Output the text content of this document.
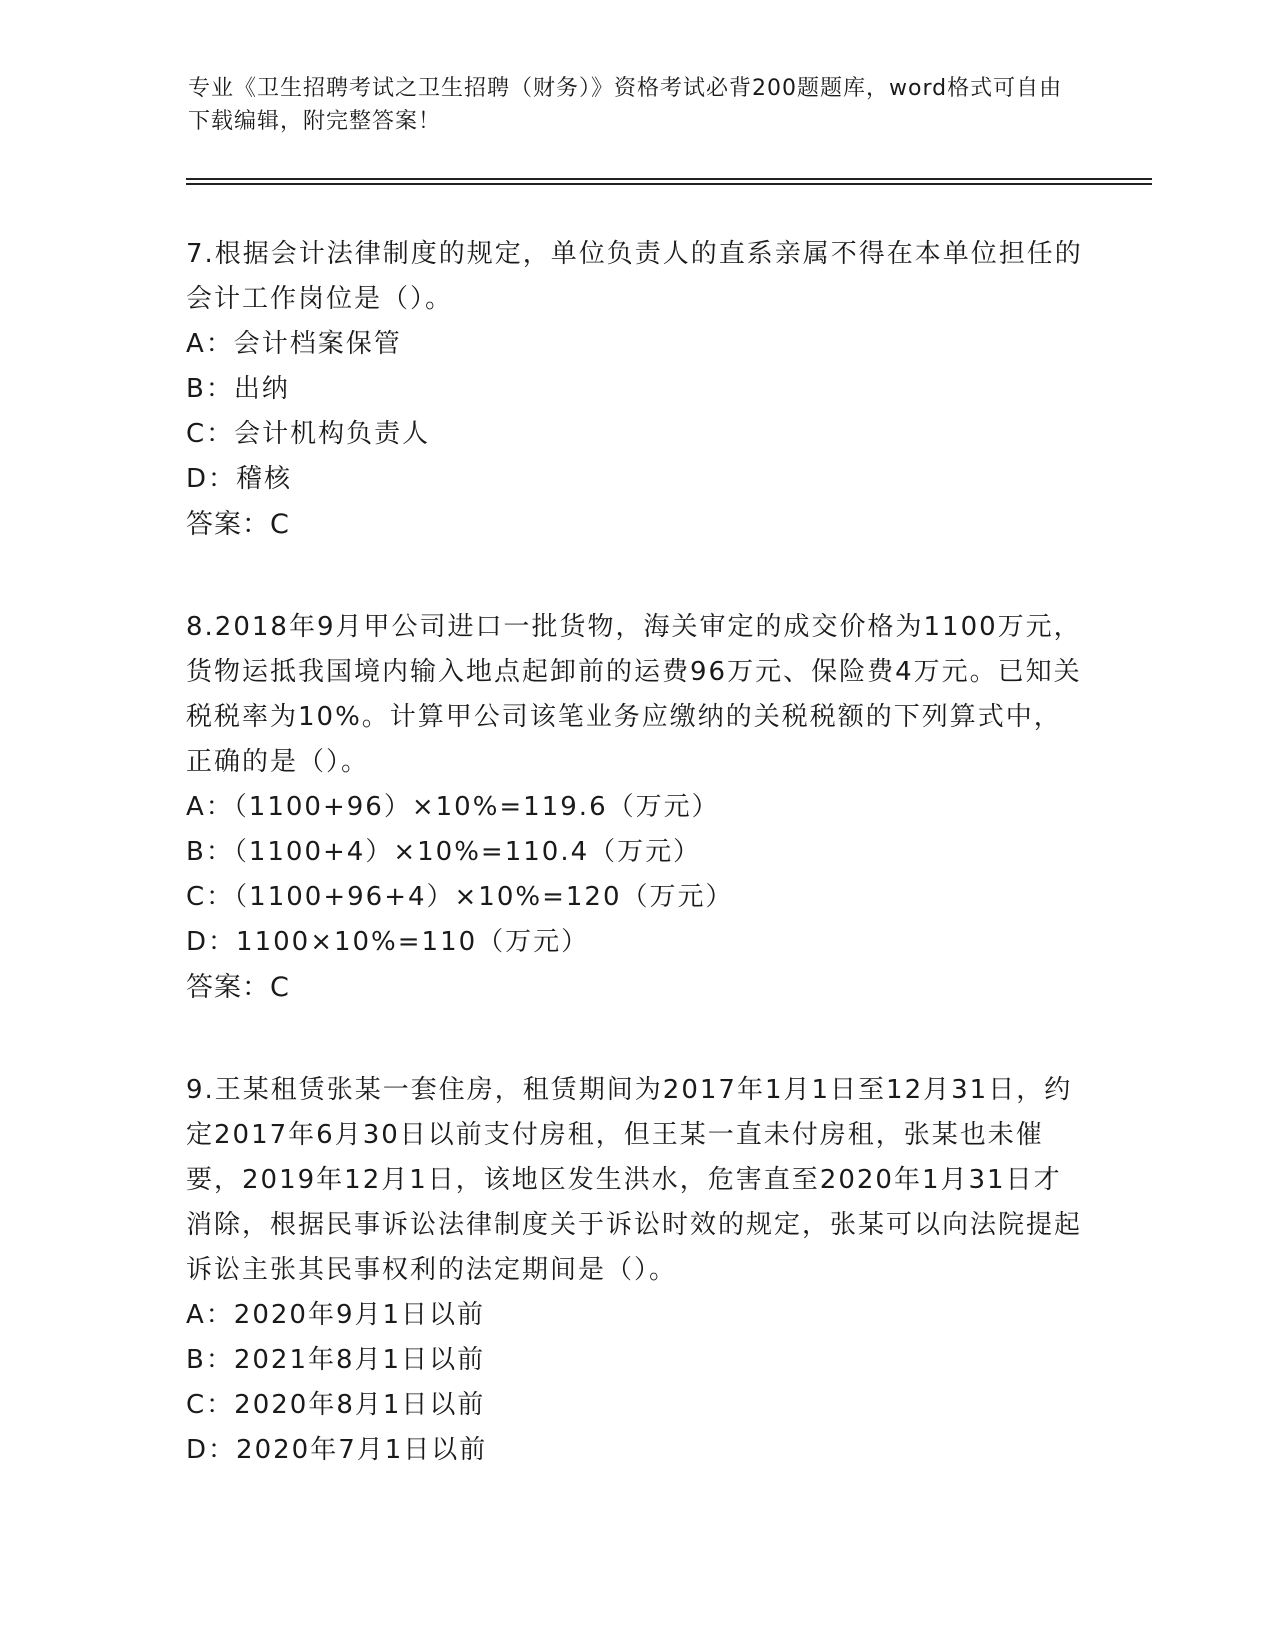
专业《卫生招聘考试之卫生招聘（财务）》资格考试必背200题题库，word格式可自由下载编辑，附完整答案！

7.根据会计法律制度的规定，单位负责人的直系亲属不得在本单位担任的会计工作岗位是（）。

A：会计档案保管

B：出纳

C：会计机构负责人

D：稽核

答案：C

8.2018年9月甲公司进口一批货物，海关审定的成交价格为1100万元，货物运抵我国境内输入地点起卸前的运费96万元、保险费4万元。已知关税税率为10%。计算甲公司该笔业务应缴纳的关税税额的下列算式中，正确的是（）。

A：（1100+96）×10%=119.6（万元）

B：（1100+4）×10%=110.4（万元）

C：（1100+96+4）×10%=120（万元）

D：1100×10%=110（万元）

答案：C

9.王某租赁张某一套住房，租赁期间为2017年1月1日至12月31日，约定2017年6月30日以前支付房租，但王某一直未付房租，张某也未催要，2019年12月1日，该地区发生洪水，危害直至2020年1月31日才消除，根据民事诉讼法律制度关于诉讼时效的规定，张某可以向法院提起诉讼主张其民事权利的法定期间是（）。

A：2020年9月1日以前

B：2021年8月1日以前

C：2020年8月1日以前

D：2020年7月1日以前
